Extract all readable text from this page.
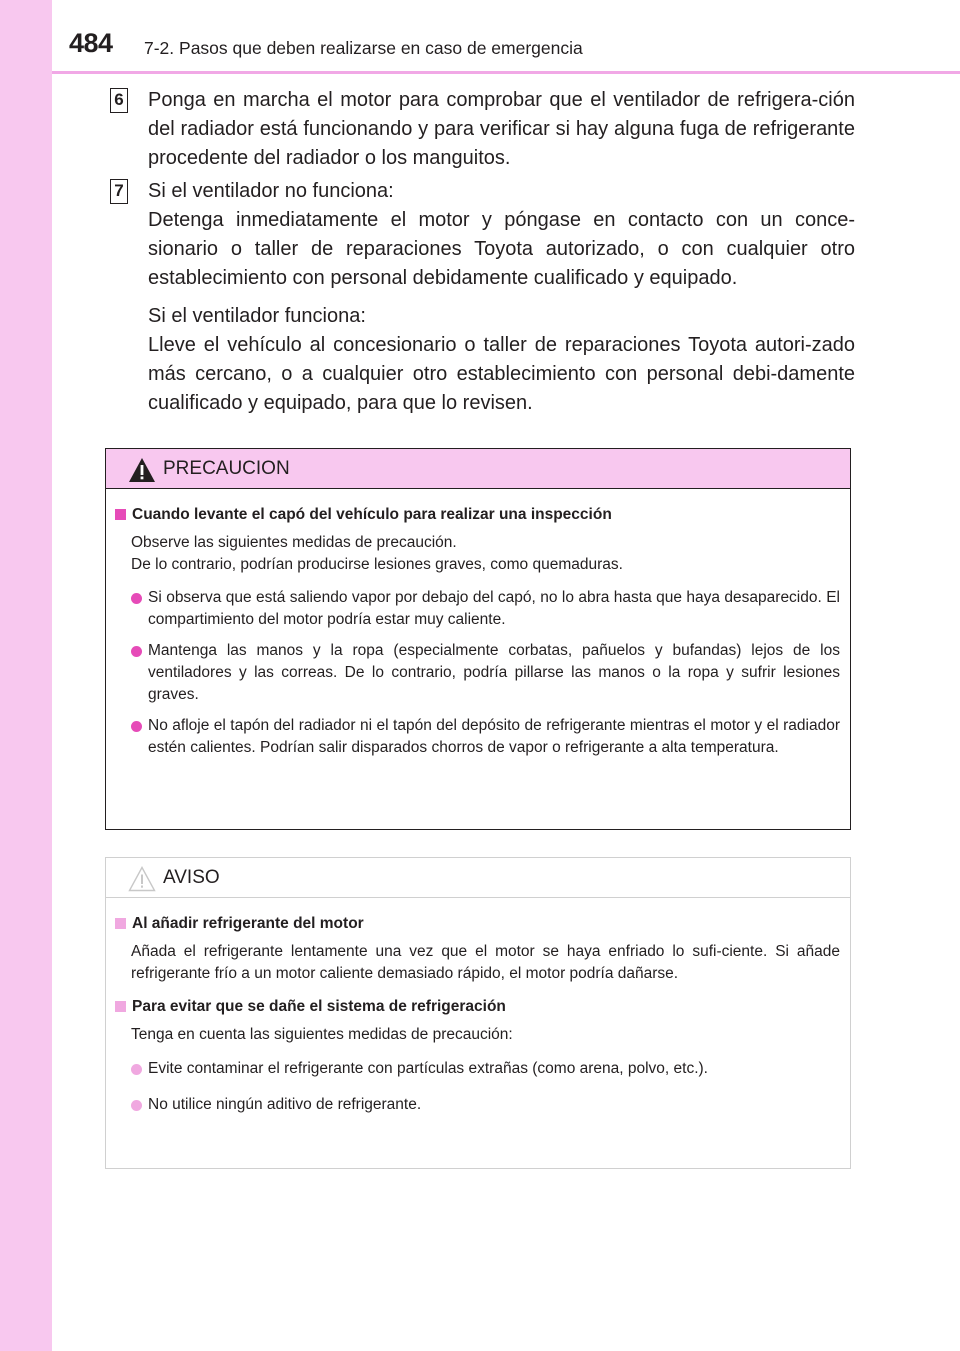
484 7-2. Pasos que deben realizarse en caso de emergencia
6 Ponga en marcha el motor para comprobar que el ventilador de refrigera-ción del radiador está funcionando y para verificar si hay alguna fuga de refrigerante procedente del radiador o los manguitos.

7 Si el ventilador no funciona:

Detenga inmediatamente el motor y póngase en contacto con un conce-sionario o taller de reparaciones Toyota autorizado, o con cualquier otro establecimiento con personal debidamente cualificado y equipado.

Si el ventilador funciona:

Lleve el vehículo al concesionario o taller de reparaciones Toyota autori-zado más cercano, o a cualquier otro establecimiento con personal debi-damente cualificado y equipado, para que lo revisen.

PRECAUCION
Cuando levante el capó del vehículo para realizar una inspección
Observe las siguientes medidas de precaución.
De lo contrario, podrían producirse lesiones graves, como quemaduras.
Si observa que está saliendo vapor por debajo del capó, no lo abra hasta que haya desaparecido. El compartimiento del motor podría estar muy caliente.
Mantenga las manos y la ropa (especialmente corbatas, pañuelos y bufandas) lejos de los ventiladores y las correas. De lo contrario, podría pillarse las manos o la ropa y sufrir lesiones graves.
No afloje el tapón del radiador ni el tapón del depósito de refrigerante mientras el motor y el radiador estén calientes. Podrían salir disparados chorros de vapor o refrigerante a alta temperatura.
AVISO
Al añadir refrigerante del motor
Añada el refrigerante lentamente una vez que el motor se haya enfriado lo sufi-ciente. Si añade refrigerante frío a un motor caliente demasiado rápido, el motor podría dañarse.
Para evitar que se dañe el sistema de refrigeración
Tenga en cuenta las siguientes medidas de precaución:
Evite contaminar el refrigerante con partículas extrañas (como arena, polvo, etc.).
No utilice ningún aditivo de refrigerante.
